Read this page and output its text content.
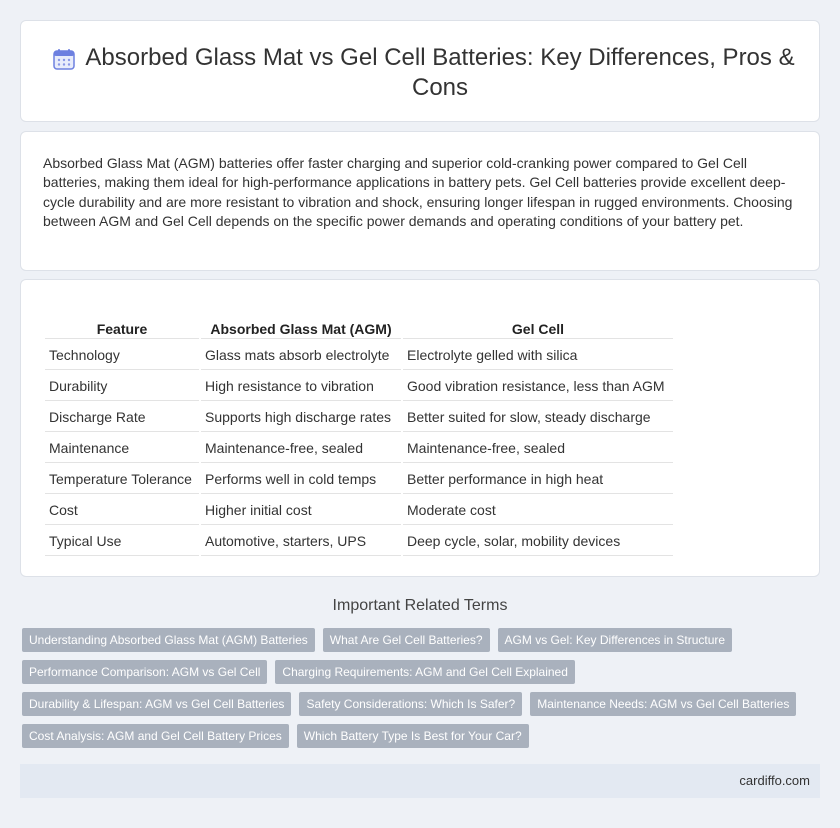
Absorbed Glass Mat vs Gel Cell Batteries: Key Differences, Pros & Cons

Absorbed Glass Mat (AGM) batteries offer faster charging and superior cold-cranking power compared to Gel Cell batteries, making them ideal for high-performance applications in battery pets. Gel Cell batteries provide excellent deep-cycle durability and are more resistant to vibration and shock, ensuring longer lifespan in rugged environments. Choosing between AGM and Gel Cell depends on the specific power demands and operating conditions of your battery pet.

Feature	Absorbed Glass Mat (AGM)	Gel Cell
Technology	Glass mats absorb electrolyte	Electrolyte gelled with silica
Durability	High resistance to vibration	Good vibration resistance, less than AGM
Discharge Rate	Supports high discharge rates	Better suited for slow, steady discharge
Maintenance	Maintenance-free, sealed	Maintenance-free, sealed
Temperature Tolerance	Performs well in cold temps	Better performance in high heat
Cost	Higher initial cost	Moderate cost
Typical Use	Automotive, starters, UPS	Deep cycle, solar, mobility devices
Important Related Terms
Understanding Absorbed Glass Mat (AGM) Batteries	What Are Gel Cell Batteries?	AGM vs Gel: Key Differences in Structure
Performance Comparison: AGM vs Gel Cell	Charging Requirements: AGM and Gel Cell Explained
Durability & Lifespan: AGM vs Gel Cell Batteries	Safety Considerations: Which Is Safer?	Maintenance Needs: AGM vs Gel Cell Batteries
Cost Analysis: AGM and Gel Cell Battery Prices	Which Battery Type Is Best for Your Car?
cardiffo.com
